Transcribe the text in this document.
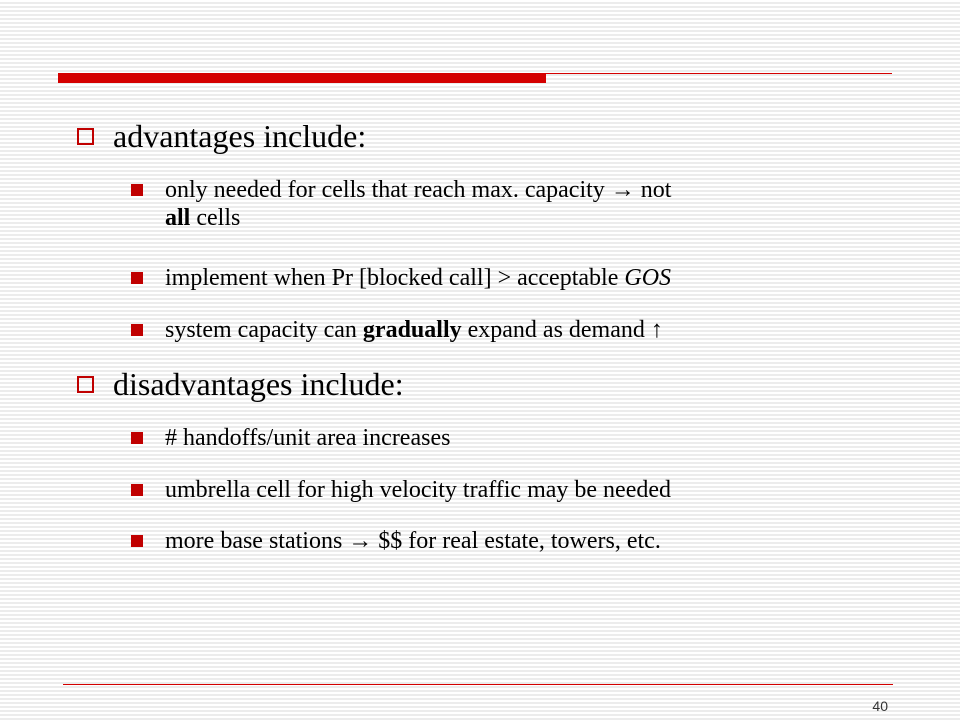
advantages include:
only needed for cells that reach max. capacity → not
all cells
implement when Pr [blocked call] > acceptable GOS
system capacity can gradually expand as demand ↑
disadvantages include:
# handoffs/unit area increases
umbrella cell for high velocity traffic may be needed
more base stations → $$ for real estate, towers, etc.
40
